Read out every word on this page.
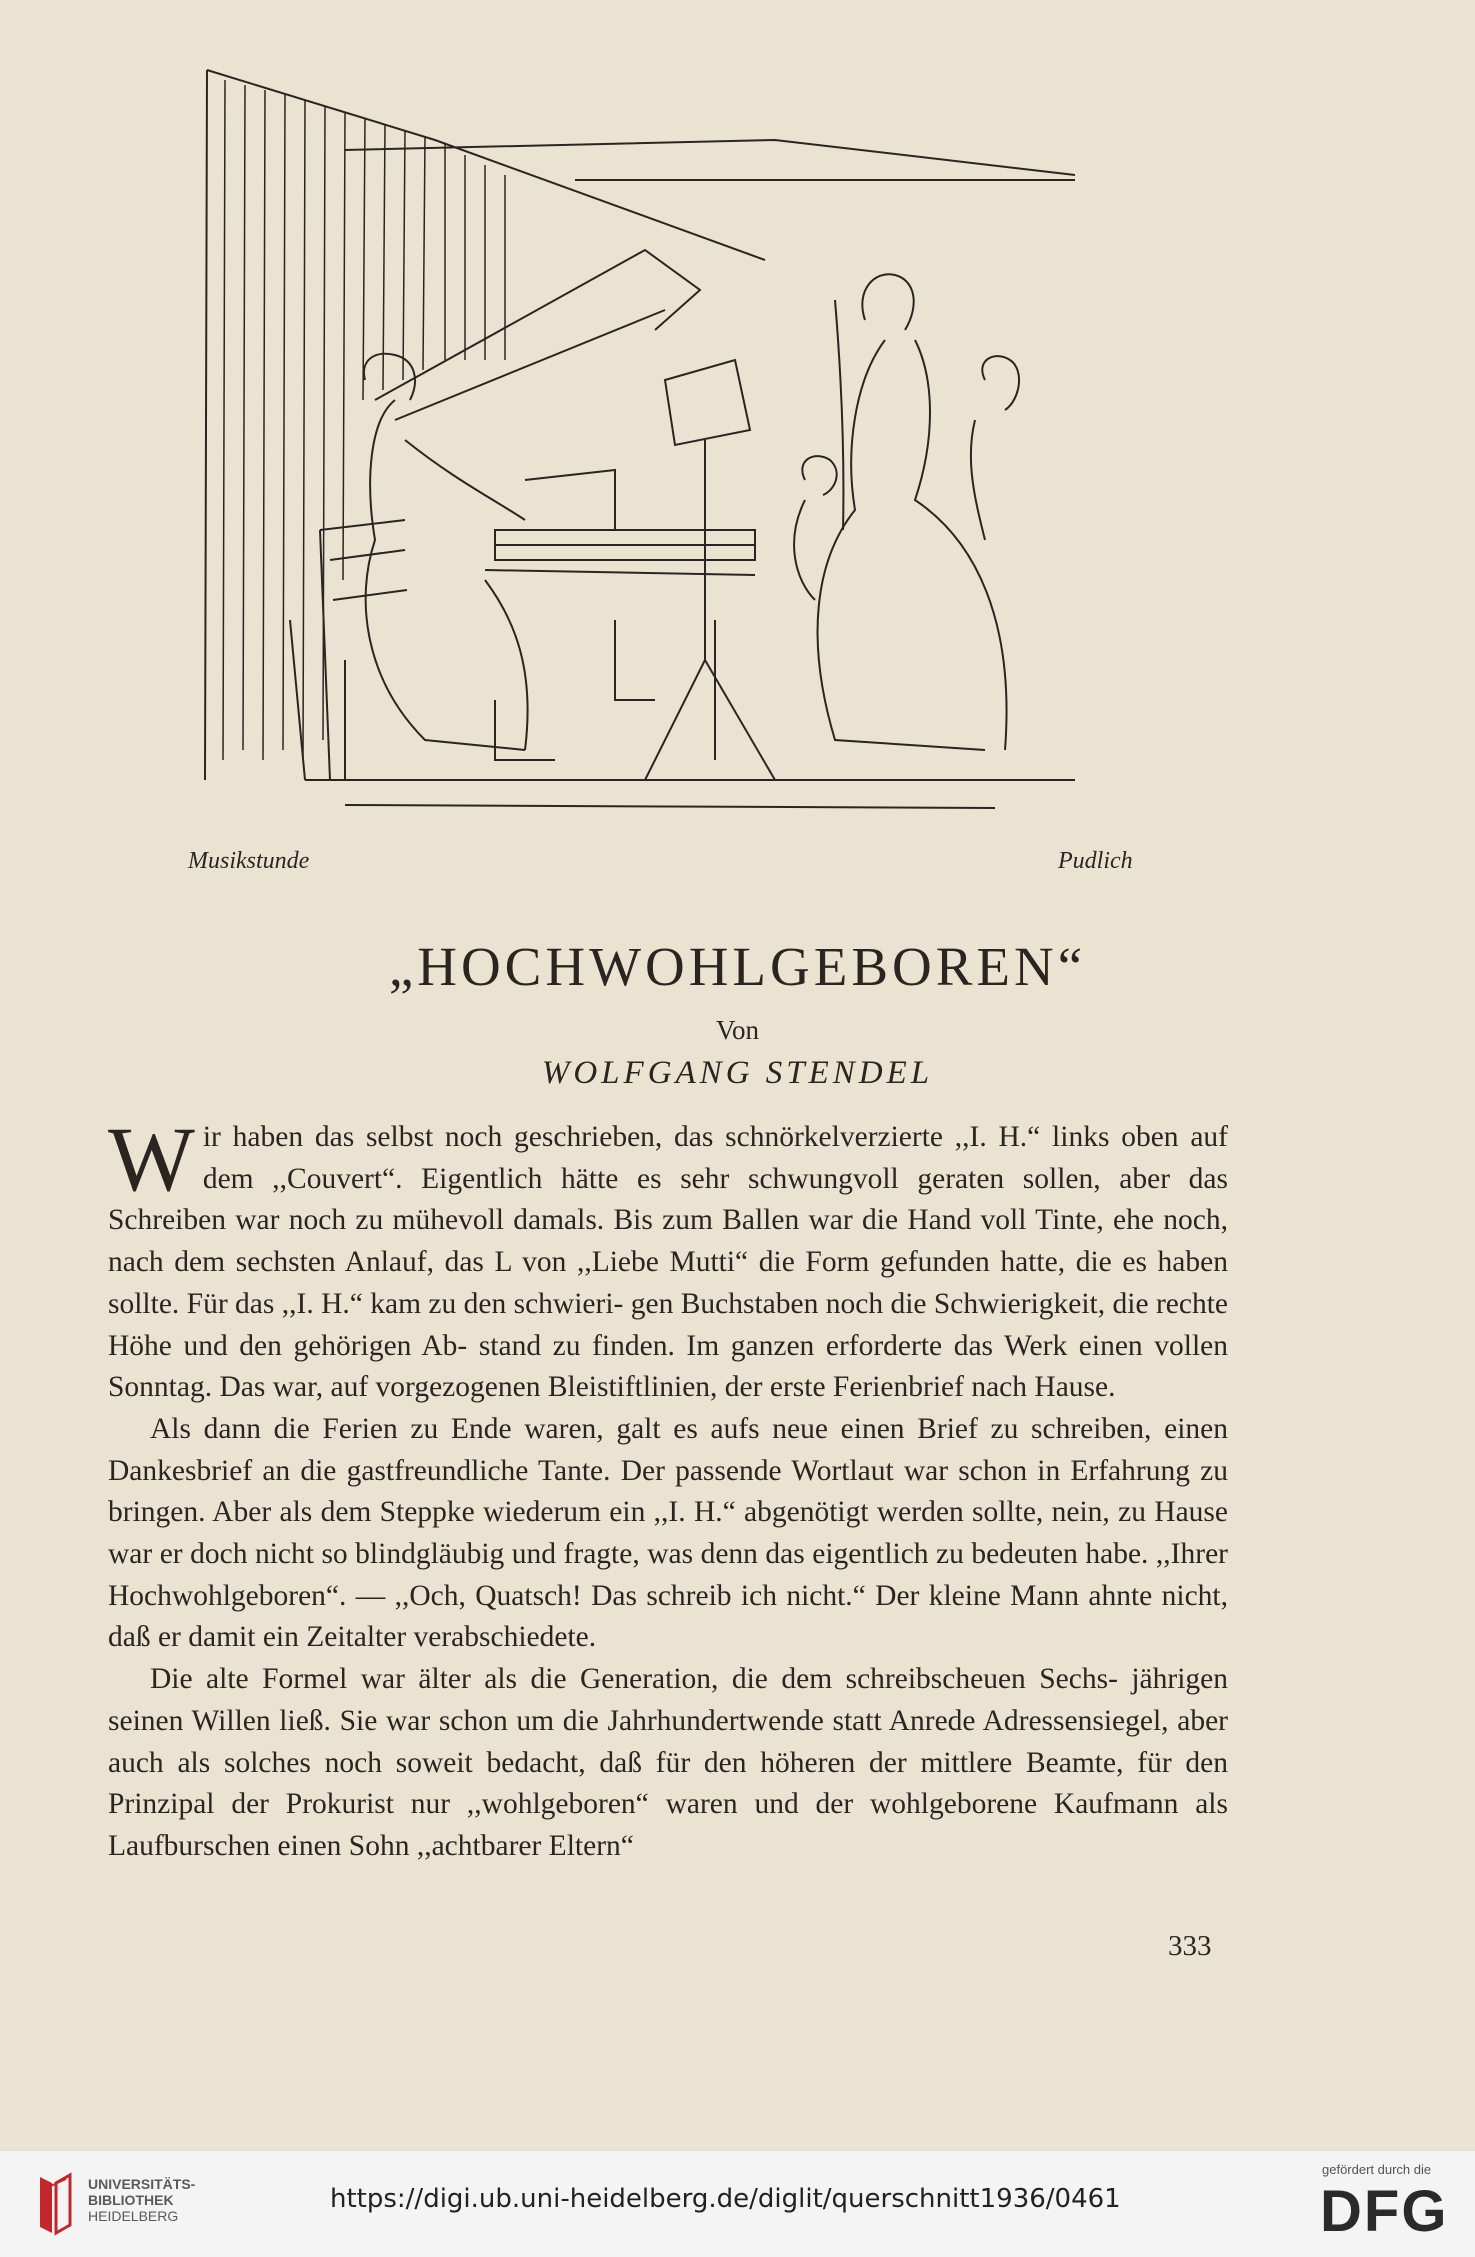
Musikstunde	Pudlich
„HOCHWOHLGEBOREN“
Von
WOLFGANG STENDEL

Wir haben das selbst noch geschrieben, das schnörkelverzierte ,,I. H.“ links oben auf dem ,,Couvert“. Eigentlich hätte es sehr schwungvoll geraten sollen, aber das Schreiben war noch zu mühevoll damals. Bis zum Ballen war die Hand voll Tinte, ehe noch, nach dem sechsten Anlauf, das L von ,,Liebe Mutti“ die Form gefunden hatte, die es haben sollte. Für das ,,I. H.“ kam zu den schwieri- gen Buchstaben noch die Schwierigkeit, die rechte Höhe und den gehörigen Ab- stand zu finden. Im ganzen erforderte das Werk einen vollen Sonntag. Das war, auf vorgezogenen Bleistiftlinien, der erste Ferienbrief nach Hause.

Als dann die Ferien zu Ende waren, galt es aufs neue einen Brief zu schreiben, einen Dankesbrief an die gastfreundliche Tante. Der passende Wortlaut war schon in Erfahrung zu bringen. Aber als dem Steppke wiederum ein ,,I. H.“ abgenötigt werden sollte, nein, zu Hause war er doch nicht so blindgläubig und fragte, was denn das eigentlich zu bedeuten habe. ,,Ihrer Hochwohlgeboren“. — ,,Och, Quatsch! Das schreib ich nicht.“ Der kleine Mann ahnte nicht, daß er damit ein Zeitalter verabschiedete.

Die alte Formel war älter als die Generation, die dem schreibscheuen Sechs- jährigen seinen Willen ließ. Sie war schon um die Jahrhundertwende statt Anrede Adressensiegel, aber auch als solches noch soweit bedacht, daß für den höheren der mittlere Beamte, für den Prinzipal der Prokurist nur ,,wohlgeboren“ waren und der wohlgeborene Kaufmann als Laufburschen einen Sohn ,,achtbarer Eltern“

333
UNIVERSITÄTS-
BIBLIOTHEK
HEIDELBERG
https://digi.ub.uni-heidelberg.de/diglit/querschnitt1936/0461
gefördert durch die
DFG
